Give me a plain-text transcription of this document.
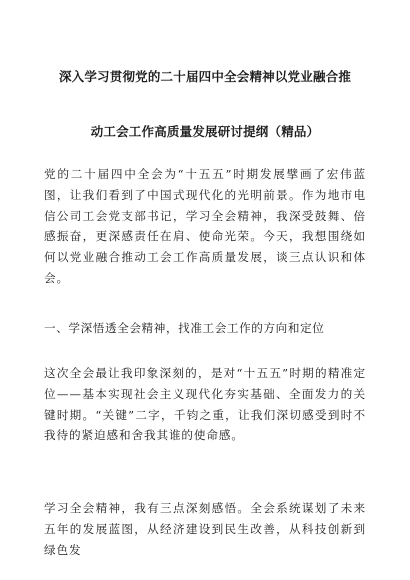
深入学习贯彻党的二十届四中全会精神以党业融合推
动工会工作高质量发展研讨提纲（精品）

党的二十届四中全会为“十五五”时期发展擘画了宏伟蓝图，让我们看到了中国式现代化的光明前景。作为地市电信公司工会党支部书记，学习全会精神，我深受鼓舞、倍感振奋，更深感责任在肩、使命光荣。今天，我想围绕如何以党业融合推动工会工作高质量发展，谈三点认识和体会。

一、学深悟透全会精神，找准工会工作的方向和定位

这次全会最让我印象深刻的，是对“十五五”时期的精准定位——基本实现社会主义现代化夯实基础、全面发力的关键时期。“关键”二字，千钧之重，让我们深切感受到时不我待的紧迫感和舍我其谁的使命感。

学习全会精神，我有三点深刻感悟。全会系统谋划了未来五年的发展蓝图，从经济建设到民生改善，从科技创新到绿色发
